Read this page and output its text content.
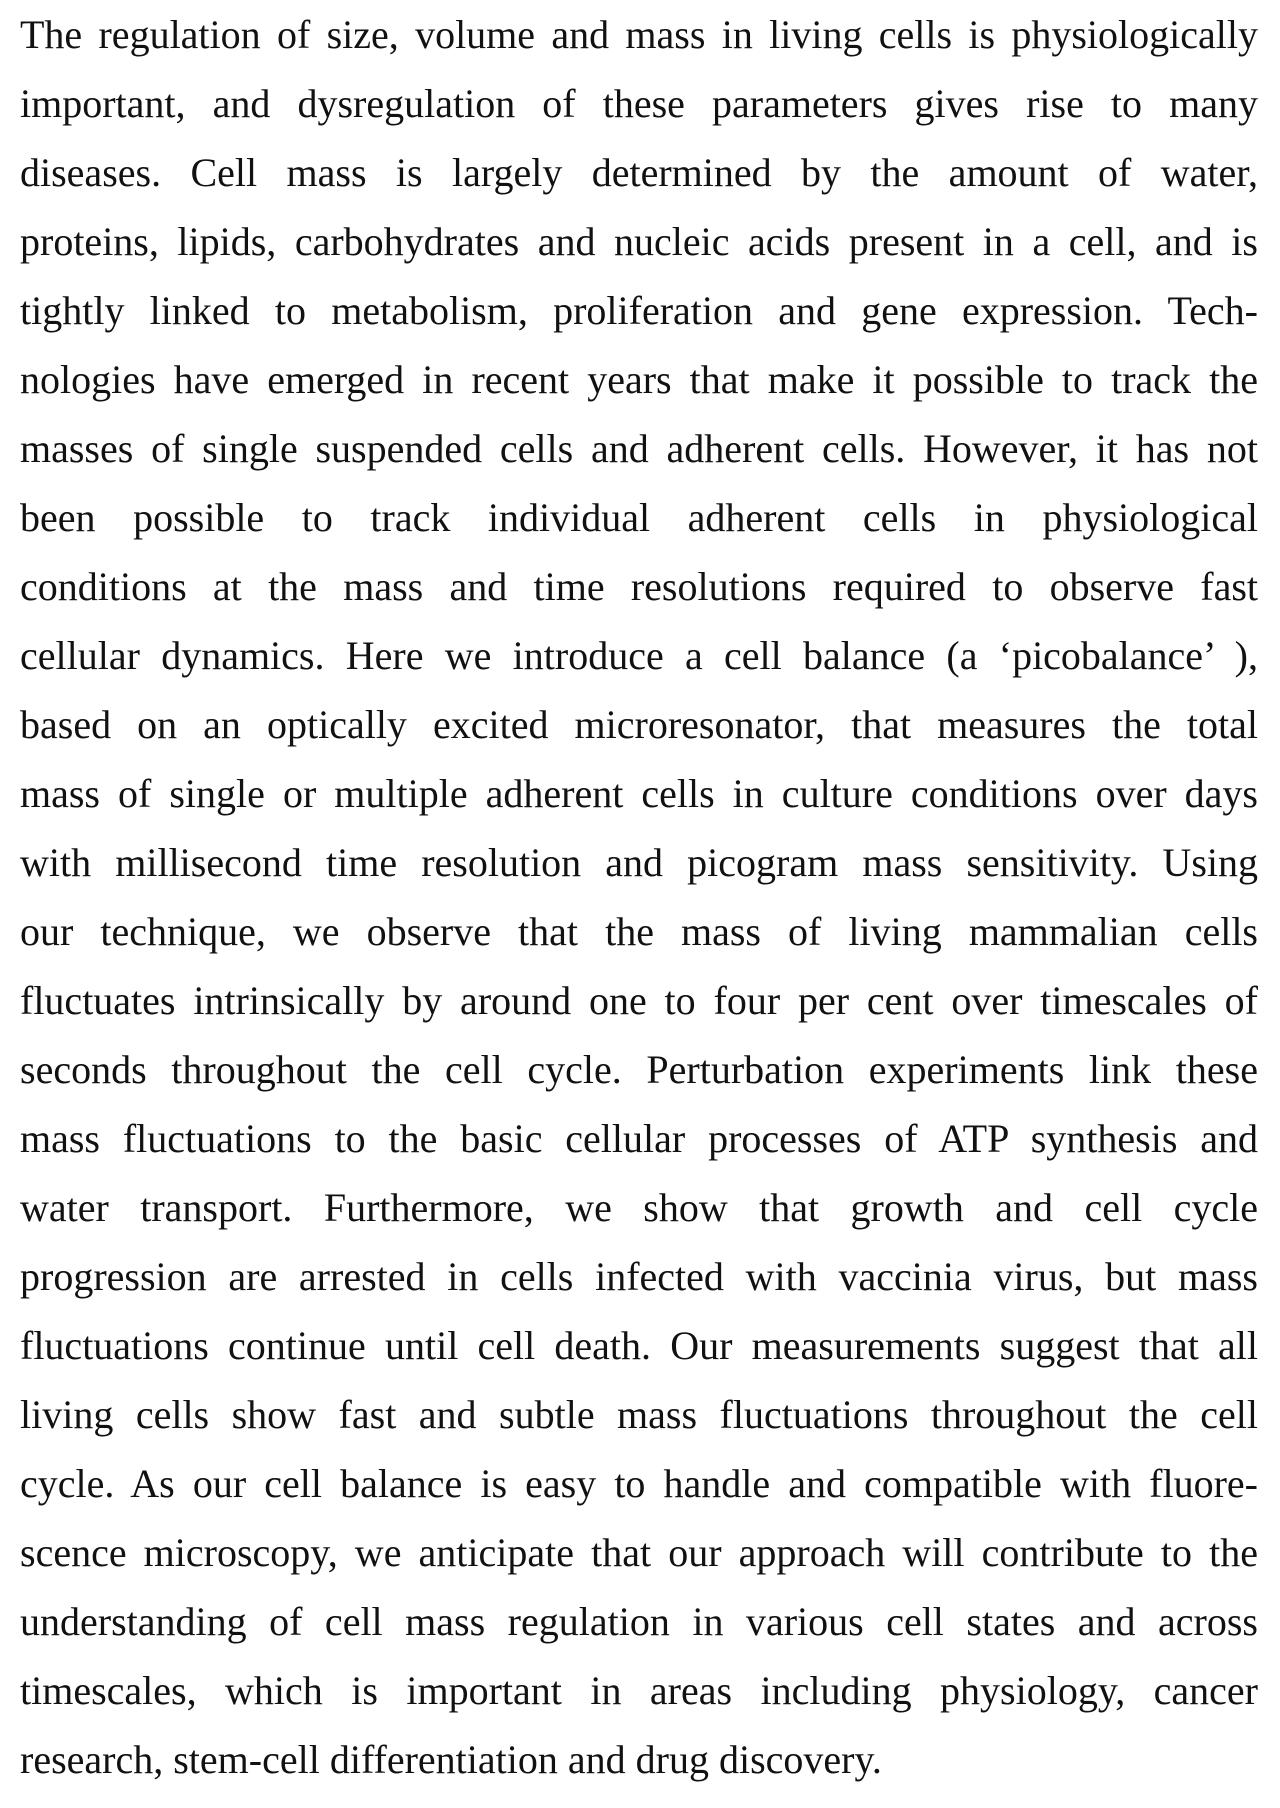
The regulation of size, volume and mass in living cells is physiologically
important, and dysregulation of these parameters gives rise to many
diseases. Cell mass is largely determined by the amount of water,
proteins, lipids, carbohydrates and nucleic acids present in a cell, and is
tightly linked to metabolism, proliferation and gene expression. Tech-
nologies have emerged in recent years that make it possible to track the
masses of single suspended cells and adherent cells. However, it has not
been possible to track individual adherent cells in physiological
conditions at the mass and time resolutions required to observe fast
cellular dynamics. Here we introduce a cell balance (a ‘picobalance’ ),
based on an optically excited microresonator, that measures the total
mass of single or multiple adherent cells in culture conditions over days
with millisecond time resolution and picogram mass sensitivity. Using
our technique, we observe that the mass of living mammalian cells
fluctuates intrinsically by around one to four per cent over timescales of
seconds throughout the cell cycle. Perturbation experiments link these
mass fluctuations to the basic cellular processes of ATP synthesis and
water transport. Furthermore, we show that growth and cell cycle
progression are arrested in cells infected with vaccinia virus, but mass
fluctuations continue until cell death. Our measurements suggest that all
living cells show fast and subtle mass fluctuations throughout the cell
cycle. As our cell balance is easy to handle and compatible with fluore-
scence microscopy, we anticipate that our approach will contribute to the
understanding of cell mass regulation in various cell states and across
timescales, which is important in areas including physiology, cancer
research, stem-cell differentiation and drug discovery.
